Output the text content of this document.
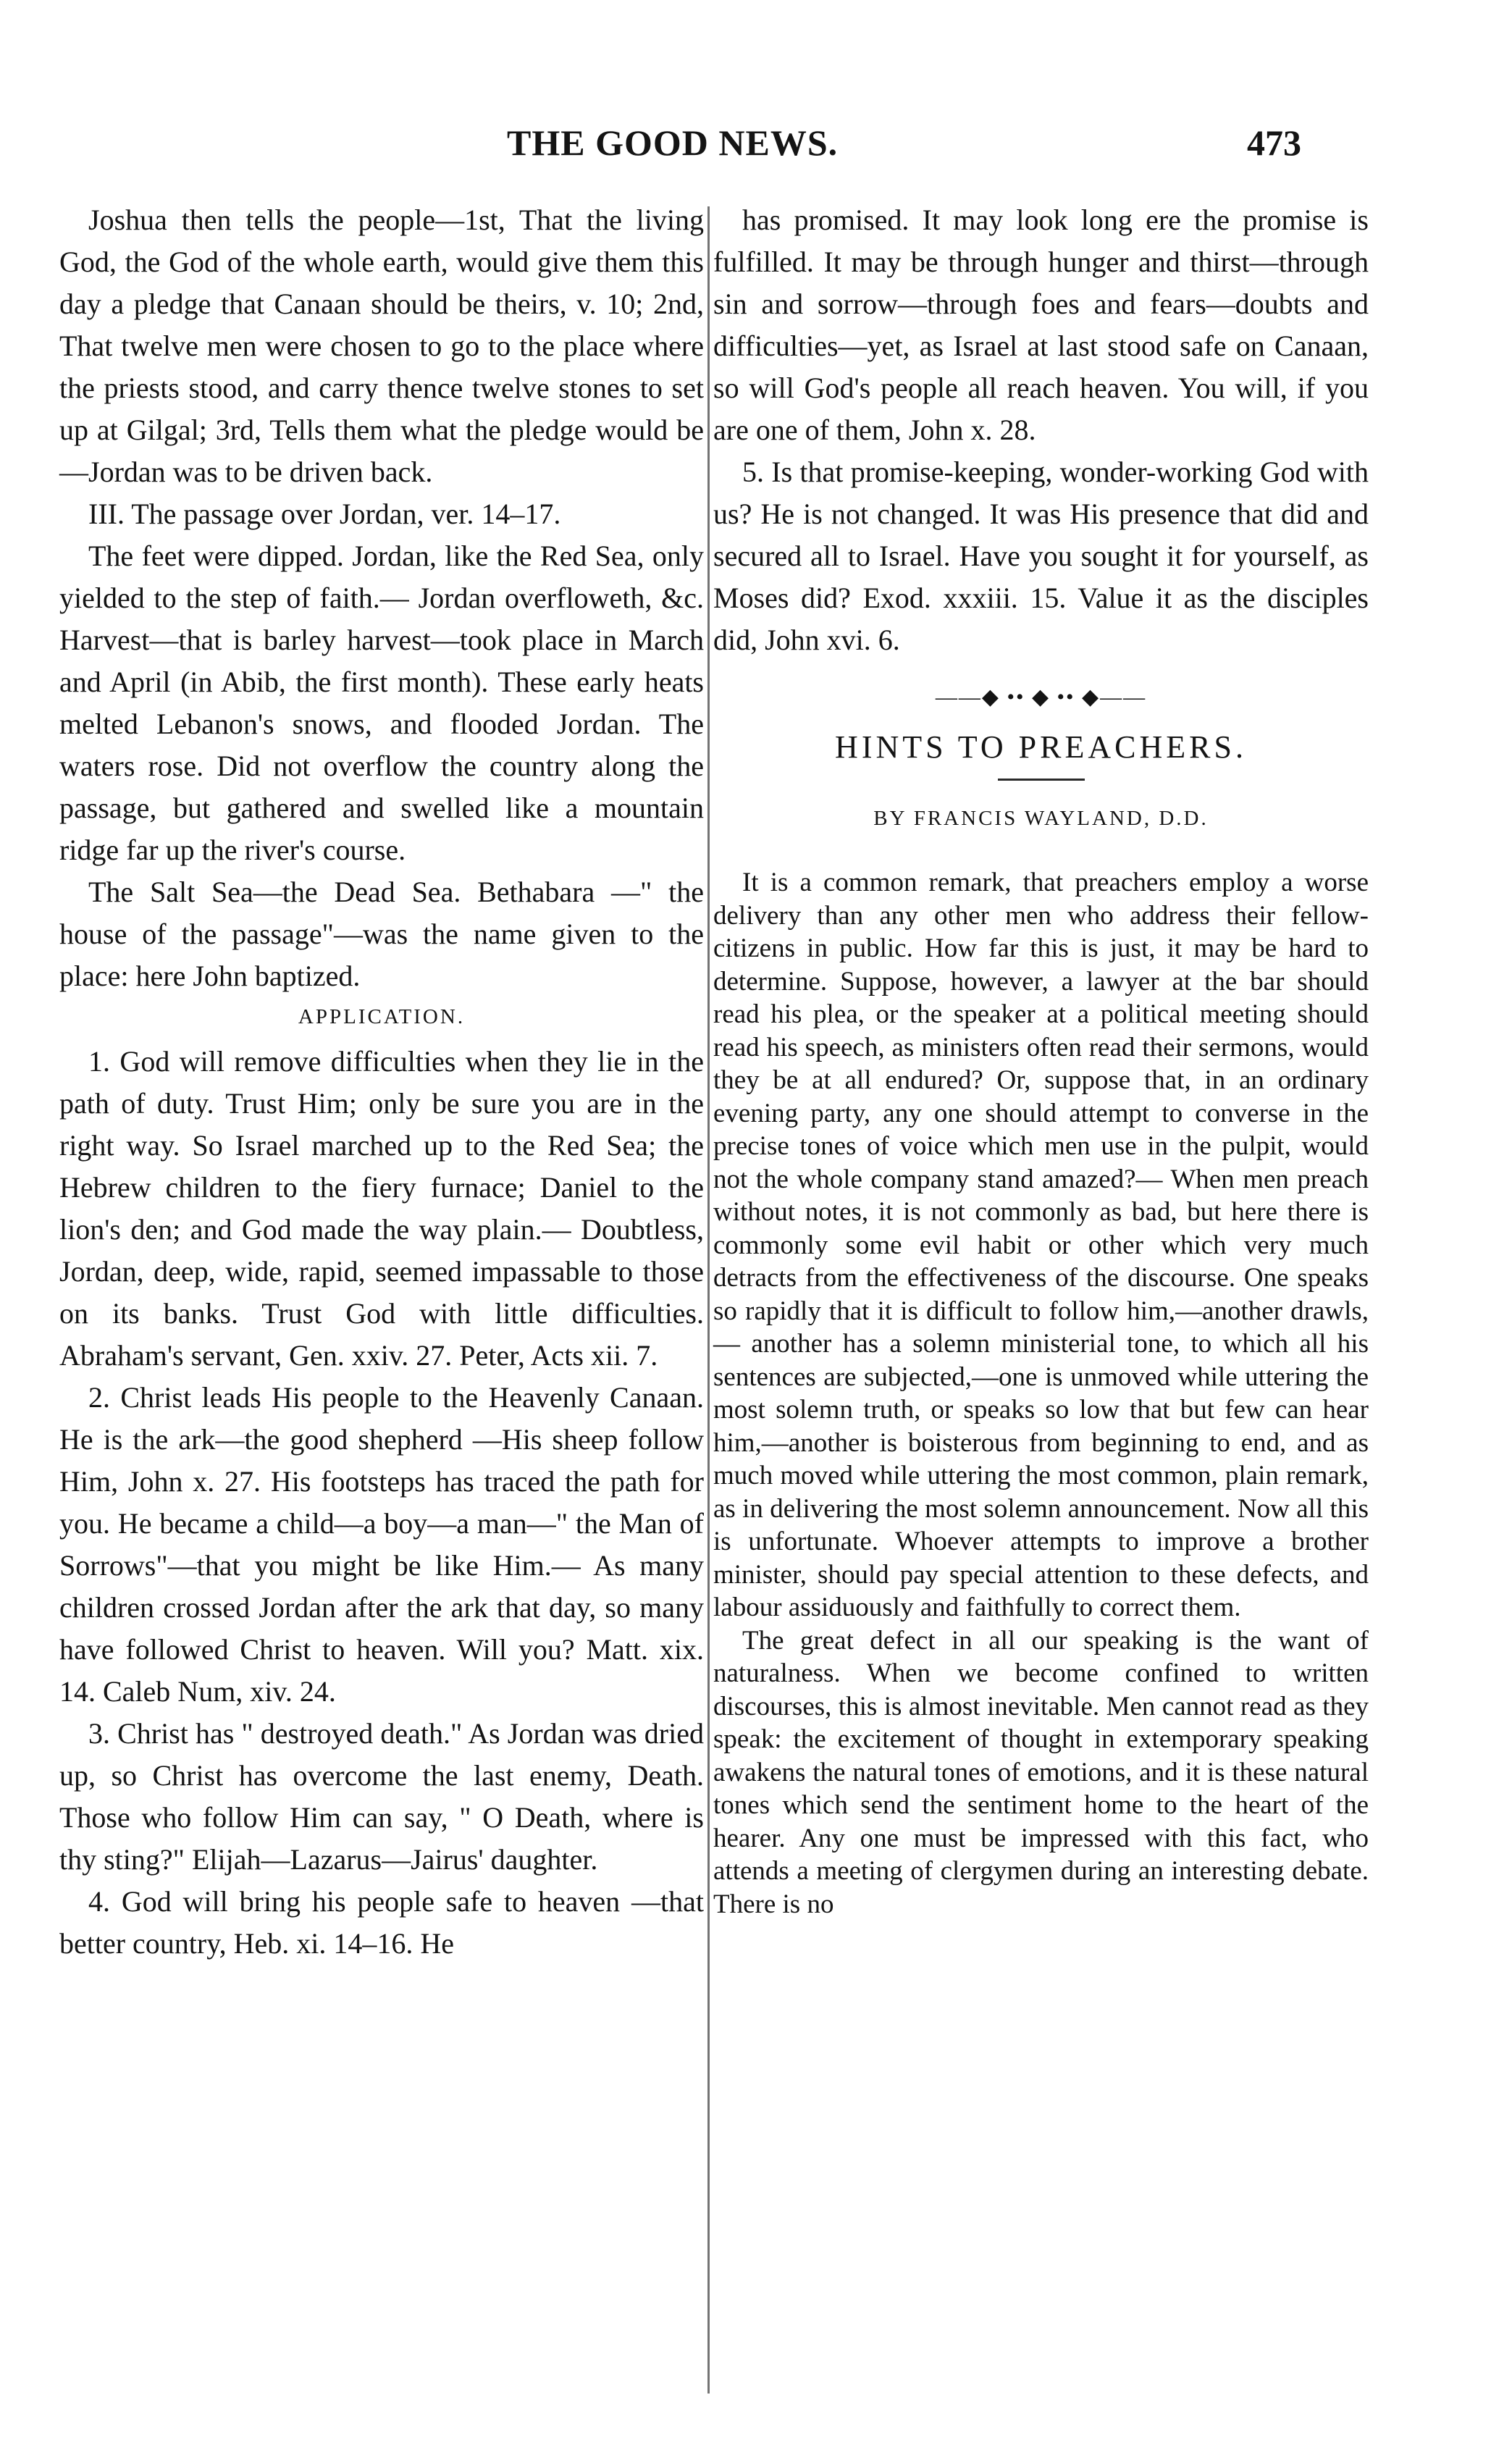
THE GOOD NEWS.	473

Joshua then tells the people—1st, That the living God, the God of the whole earth, would give them this day a pledge that Canaan should be theirs, v. 10; 2nd, That twelve men were chosen to go to the place where the priests stood, and carry thence twelve stones to set up at Gilgal; 3rd, Tells them what the pledge would be—Jordan was to be driven back.

III. The passage over Jordan, ver. 14–17.

The feet were dipped. Jordan, like the Red Sea, only yielded to the step of faith.— Jordan overfloweth, &c. Harvest—that is barley harvest—took place in March and April (in Abib, the first month). These early heats melted Lebanon's snows, and flooded Jordan. The waters rose. Did not overflow the country along the passage, but gathered and swelled like a mountain ridge far up the river's course.

The Salt Sea—the Dead Sea. Bethabara —" the house of the passage"—was the name given to the place: here John baptized.

APPLICATION.

1. God will remove difficulties when they lie in the path of duty. Trust Him; only be sure you are in the right way. So Israel marched up to the Red Sea; the Hebrew children to the fiery furnace; Daniel to the lion's den; and God made the way plain.— Doubtless, Jordan, deep, wide, rapid, seemed impassable to those on its banks. Trust God with little difficulties. Abraham's servant, Gen. xxiv. 27. Peter, Acts xii. 7.

2. Christ leads His people to the Heavenly Canaan. He is the ark—the good shepherd —His sheep follow Him, John x. 27. His footsteps has traced the path for you. He became a child—a boy—a man—" the Man of Sorrows"—that you might be like Him.— As many children crossed Jordan after the ark that day, so many have followed Christ to heaven. Will you? Matt. xix. 14. Caleb Num, xiv. 24.

3. Christ has " destroyed death." As Jordan was dried up, so Christ has overcome the last enemy, Death. Those who follow Him can say, " O Death, where is thy sting?" Elijah—Lazarus—Jairus' daughter.

4. God will bring his people safe to heaven —that better country, Heb. xi. 14–16. He

has promised. It may look long ere the promise is fulfilled. It may be through hunger and thirst—through sin and sorrow—through foes and fears—doubts and difficulties—yet, as Israel at last stood safe on Canaan, so will God's people all reach heaven. You will, if you are one of them, John x. 28.

5. Is that promise-keeping, wonder-working God with us? He is not changed. It was His presence that did and secured all to Israel. Have you sought it for yourself, as Moses did? Exod. xxxiii. 15. Value it as the disciples did, John xvi. 6.

——◆ •• ◆ •• ◆——
HINTS TO PREACHERS.
BY FRANCIS WAYLAND, D.D.

It is a common remark, that preachers employ a worse delivery than any other men who address their fellow-citizens in public. How far this is just, it may be hard to determine. Suppose, however, a lawyer at the bar should read his plea, or the speaker at a political meeting should read his speech, as ministers often read their sermons, would they be at all endured? Or, suppose that, in an ordinary evening party, any one should attempt to converse in the precise tones of voice which men use in the pulpit, would not the whole company stand amazed?— When men preach without notes, it is not commonly as bad, but here there is commonly some evil habit or other which very much detracts from the effectiveness of the discourse. One speaks so rapidly that it is difficult to follow him,—another drawls,— another has a solemn ministerial tone, to which all his sentences are subjected,—one is unmoved while uttering the most solemn truth, or speaks so low that but few can hear him,—another is boisterous from beginning to end, and as much moved while uttering the most common, plain remark, as in delivering the most solemn announcement. Now all this is unfortunate. Whoever attempts to improve a brother minister, should pay special attention to these defects, and labour assiduously and faithfully to correct them.

The great defect in all our speaking is the want of naturalness. When we become confined to written discourses, this is almost inevitable. Men cannot read as they speak: the excitement of thought in extemporary speaking awakens the natural tones of emotions, and it is these natural tones which send the sentiment home to the heart of the hearer. Any one must be impressed with this fact, who attends a meeting of clergymen during an interesting debate. There is no
